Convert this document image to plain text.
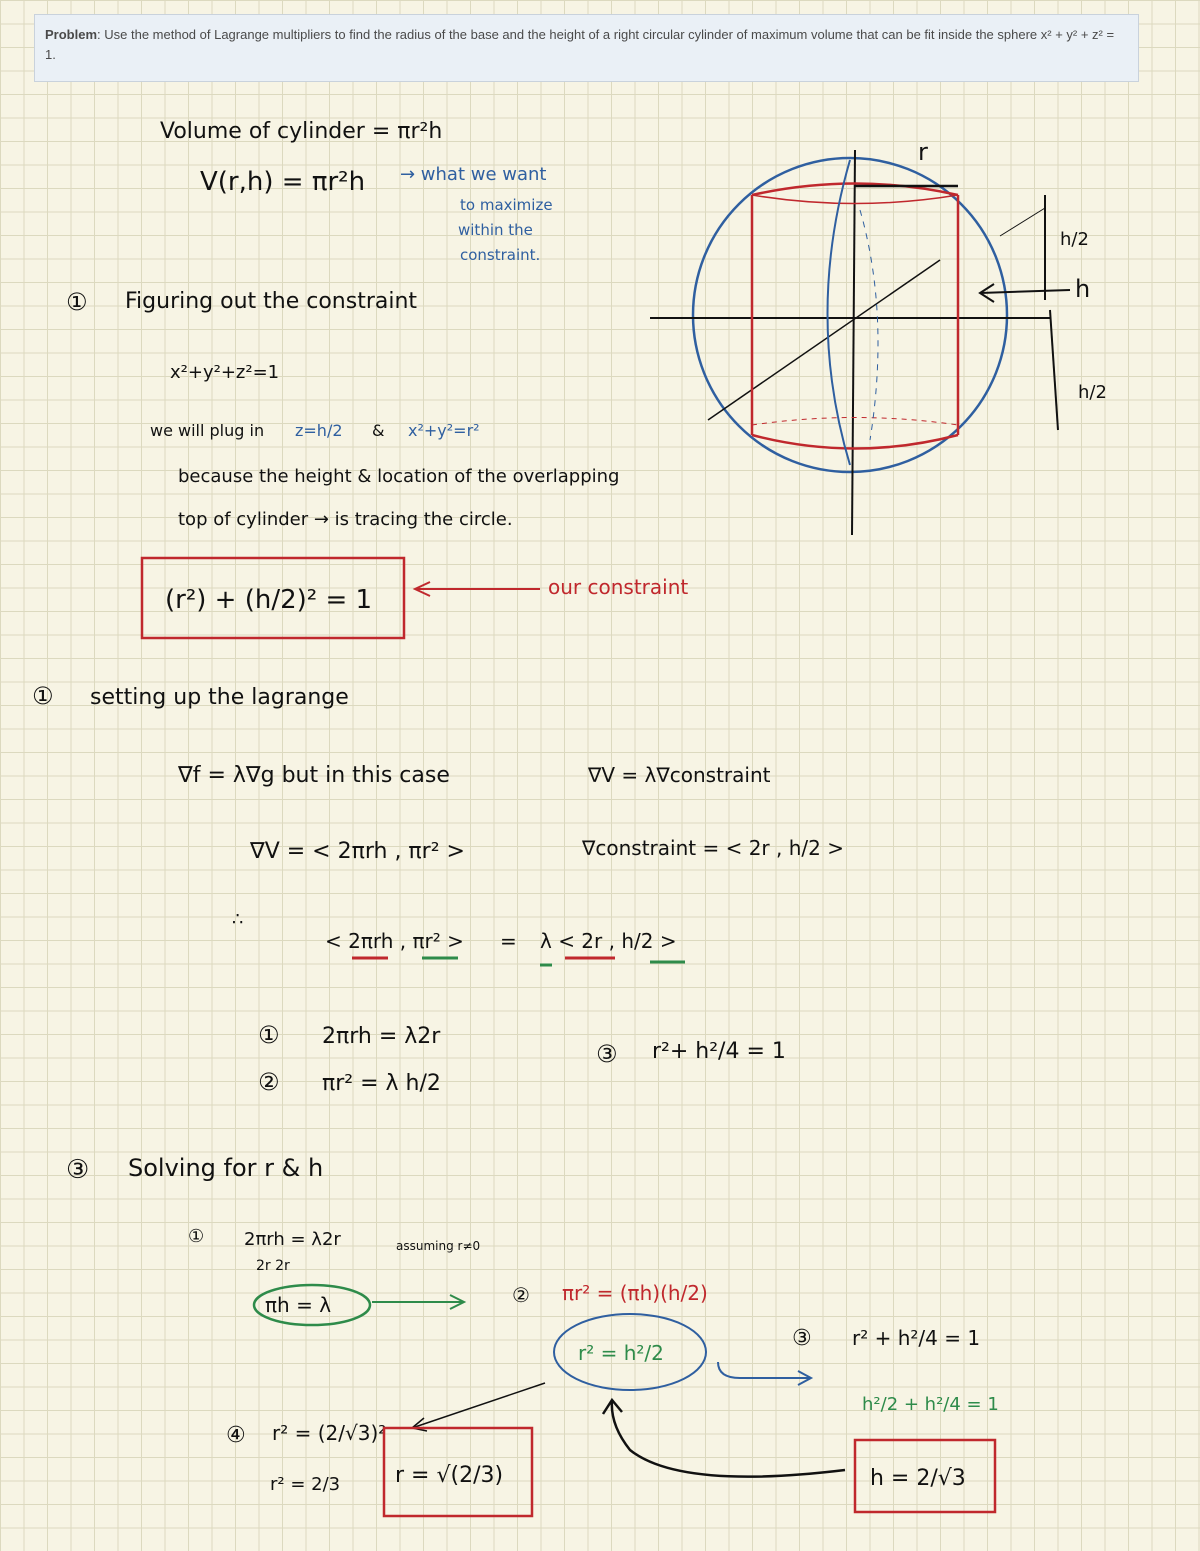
Problem: Use the method of Lagrange multipliers to find the radius of the base and the height of a right circular cylinder of maximum volume that can be fit inside the sphere x² + y² + z² = 1.
Volume of cylinder = πr²h
V(r,h) = πr²h → what we want
to maximize
within the
constraint.
① Figuring out the constraint
x²+y²+z²=1
we will plug in z=h/2 & x²+y²=r²
because the height & location of the overlapping
top of cylinder → is tracing the circle.
(r²) + (h/2)² = 1	our constraint
① setting up the lagrange
∇f = λ∇g but in this case	∇V = λ∇constraint
∇V = < 2πrh , πr² >	∇constraint = < 2r , h/2 >
∴
< 2πrh , πr² > = λ < 2r , h/2 >
① 2πrh = λ2r
② πr² = λ h/2
③ r²+ h²/4 = 1
③ Solving for r & h
① 2πrh = λ2r
2r 2r
assuming r≠0
πh = λ	② πr² = (πh)(h/2)
r² = h²/2
③ r² + h²/4 = 1
h²/2 + h²/4 = 1
h = 2/√3
④ r² = (2/√3)²
r² = 2/3 r = √(2/3)
r
h/2
h
h/2
